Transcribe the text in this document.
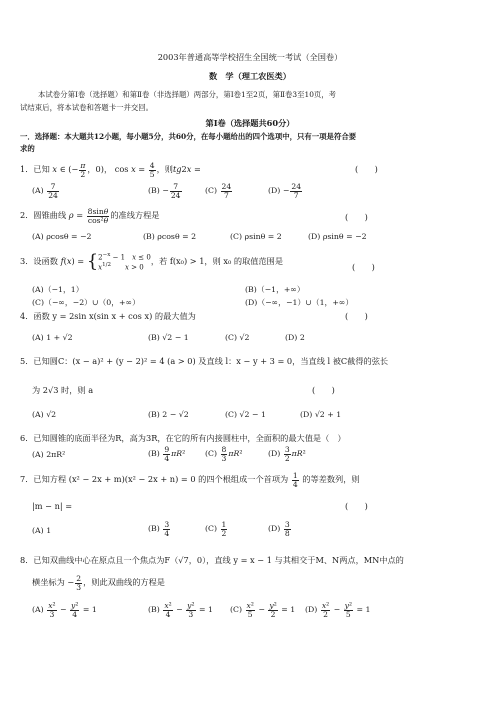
2003年普通高等学校招生全国统一考试（全国卷）
数　学（理工农医类）
本试卷分第Ⅰ卷（选择题）和第Ⅱ卷（非选择题）两部分，第Ⅰ卷1至2页，第Ⅱ卷3至10页，考
试结束后，将本试卷和答题卡一并交回。
第Ⅰ卷（选择题共60分）
一．选择题：本大题共12小题，每小题5分，共60分，在每小题给出的四个选项中，只有一项是符合要
求的
1．已知 x ∈ (− $\frac{\pi}{2}$ ，0)， $\cos x = \frac{4}{5}$ ，则tg2x =	(　　)
$(A) \frac{7}{24}$	$(B) - \frac{7}{24}$	$(C) \frac{24}{7}$	$(D) - \frac{24}{7}$
2．圆锥曲线 $\rho = \frac{8\sin\theta}{\text{cos²θ}}$ 的准线方程是	(　　)
(A) ρcosθ = −2	(B) ρcosθ = 2	(C) ρsinθ = 2	(D) ρsinθ = −2
3．设函数 $f(x) = \{2^{-x} - 1$　x ≤ 0
$x^{1/2}$　　 x > 0，若 f(x₀) > 1，则 x₀ 的取值范围是
(　　)
(A)（−1，1）	(B)（−1，+∞）
(C)（−∞，−2）∪（0，+∞）	(D)（−∞，−1）∪（1，+∞）
4．函数 y = 2sin x(sin x + cos x) 的最大值为	(　　)
(A) 1 + √2	(B) √2 − 1	(C) √2	(D) 2
5．已知圆C：(x − a)² + (y − 2)² = 4 (a > 0) 及直线 l：x − y + 3 = 0，当直线 l 被C截得的弦长
为 2√3 时，则 a	(　　)
(A) √2	(B) 2 − √2	(C) √2 − 1	(D) √2 + 1
6．已知圆锥的底面半径为R，高为3R，在它的所有内接圆柱中，全面积的最大值是（　）
(A) 2πR²	$(B) \frac{9}{4} \pi R^2$	$(C) \frac{8}{3} \pi R^2$	$(D) \frac{3}{2} \pi R^2$
7．已知方程 (x² − 2x + m)(x² − 2x + n) = 0 的四个根组成一个首项为 $\frac{1}{4}$ 的等差数列，则
|m − n| =	(　　)
(A) 1	$(B) \frac{3}{4}$	$(C) \frac{1}{2}$	$(D) \frac{3}{8}$
8．已知双曲线中心在原点且一个焦点为F（√7，0），直线 y = x − 1 与其相交于M、N两点，MN中点的
横坐标为 − $\frac{2}{3}$ ，则此双曲线的方程是
$(A) \frac{\text{x²}}{3} - \frac{\text{y²}}{4} = 1$	$(B) \frac{\text{x²}}{4} - \frac{\text{y²}}{3} = 1$ $(C) \frac{\text{x²}}{5} - \frac{\text{y²}}{2} = 1$ $(D) \frac{\text{x²}}{2} - \frac{\text{y²}}{5} = 1$
